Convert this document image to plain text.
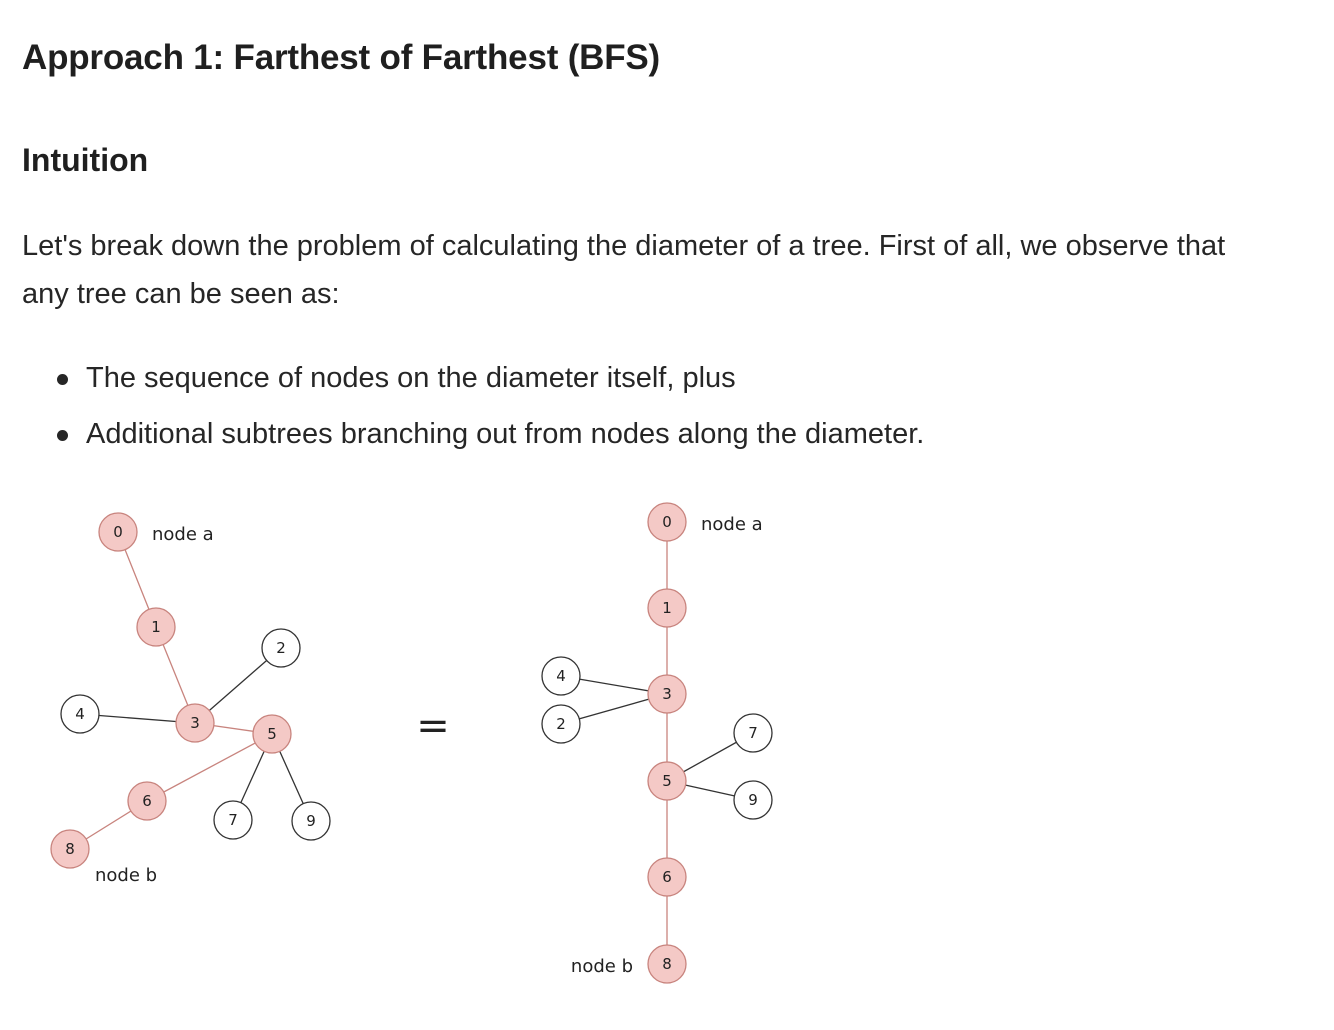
Approach 1: Farthest of Farthest (BFS)
Intuition

Let's break down the problem of calculating the diameter of a tree. First of all, we observe that any tree can be seen as:

The sequence of nodes on the diameter itself, plus
Additional subtrees branching out from nodes along the diameter.
0
1
2
3
4
5
6
7
8
9
node a
node b
=
0
1
3
4
2
5
7
9
6
8
node a
node b
